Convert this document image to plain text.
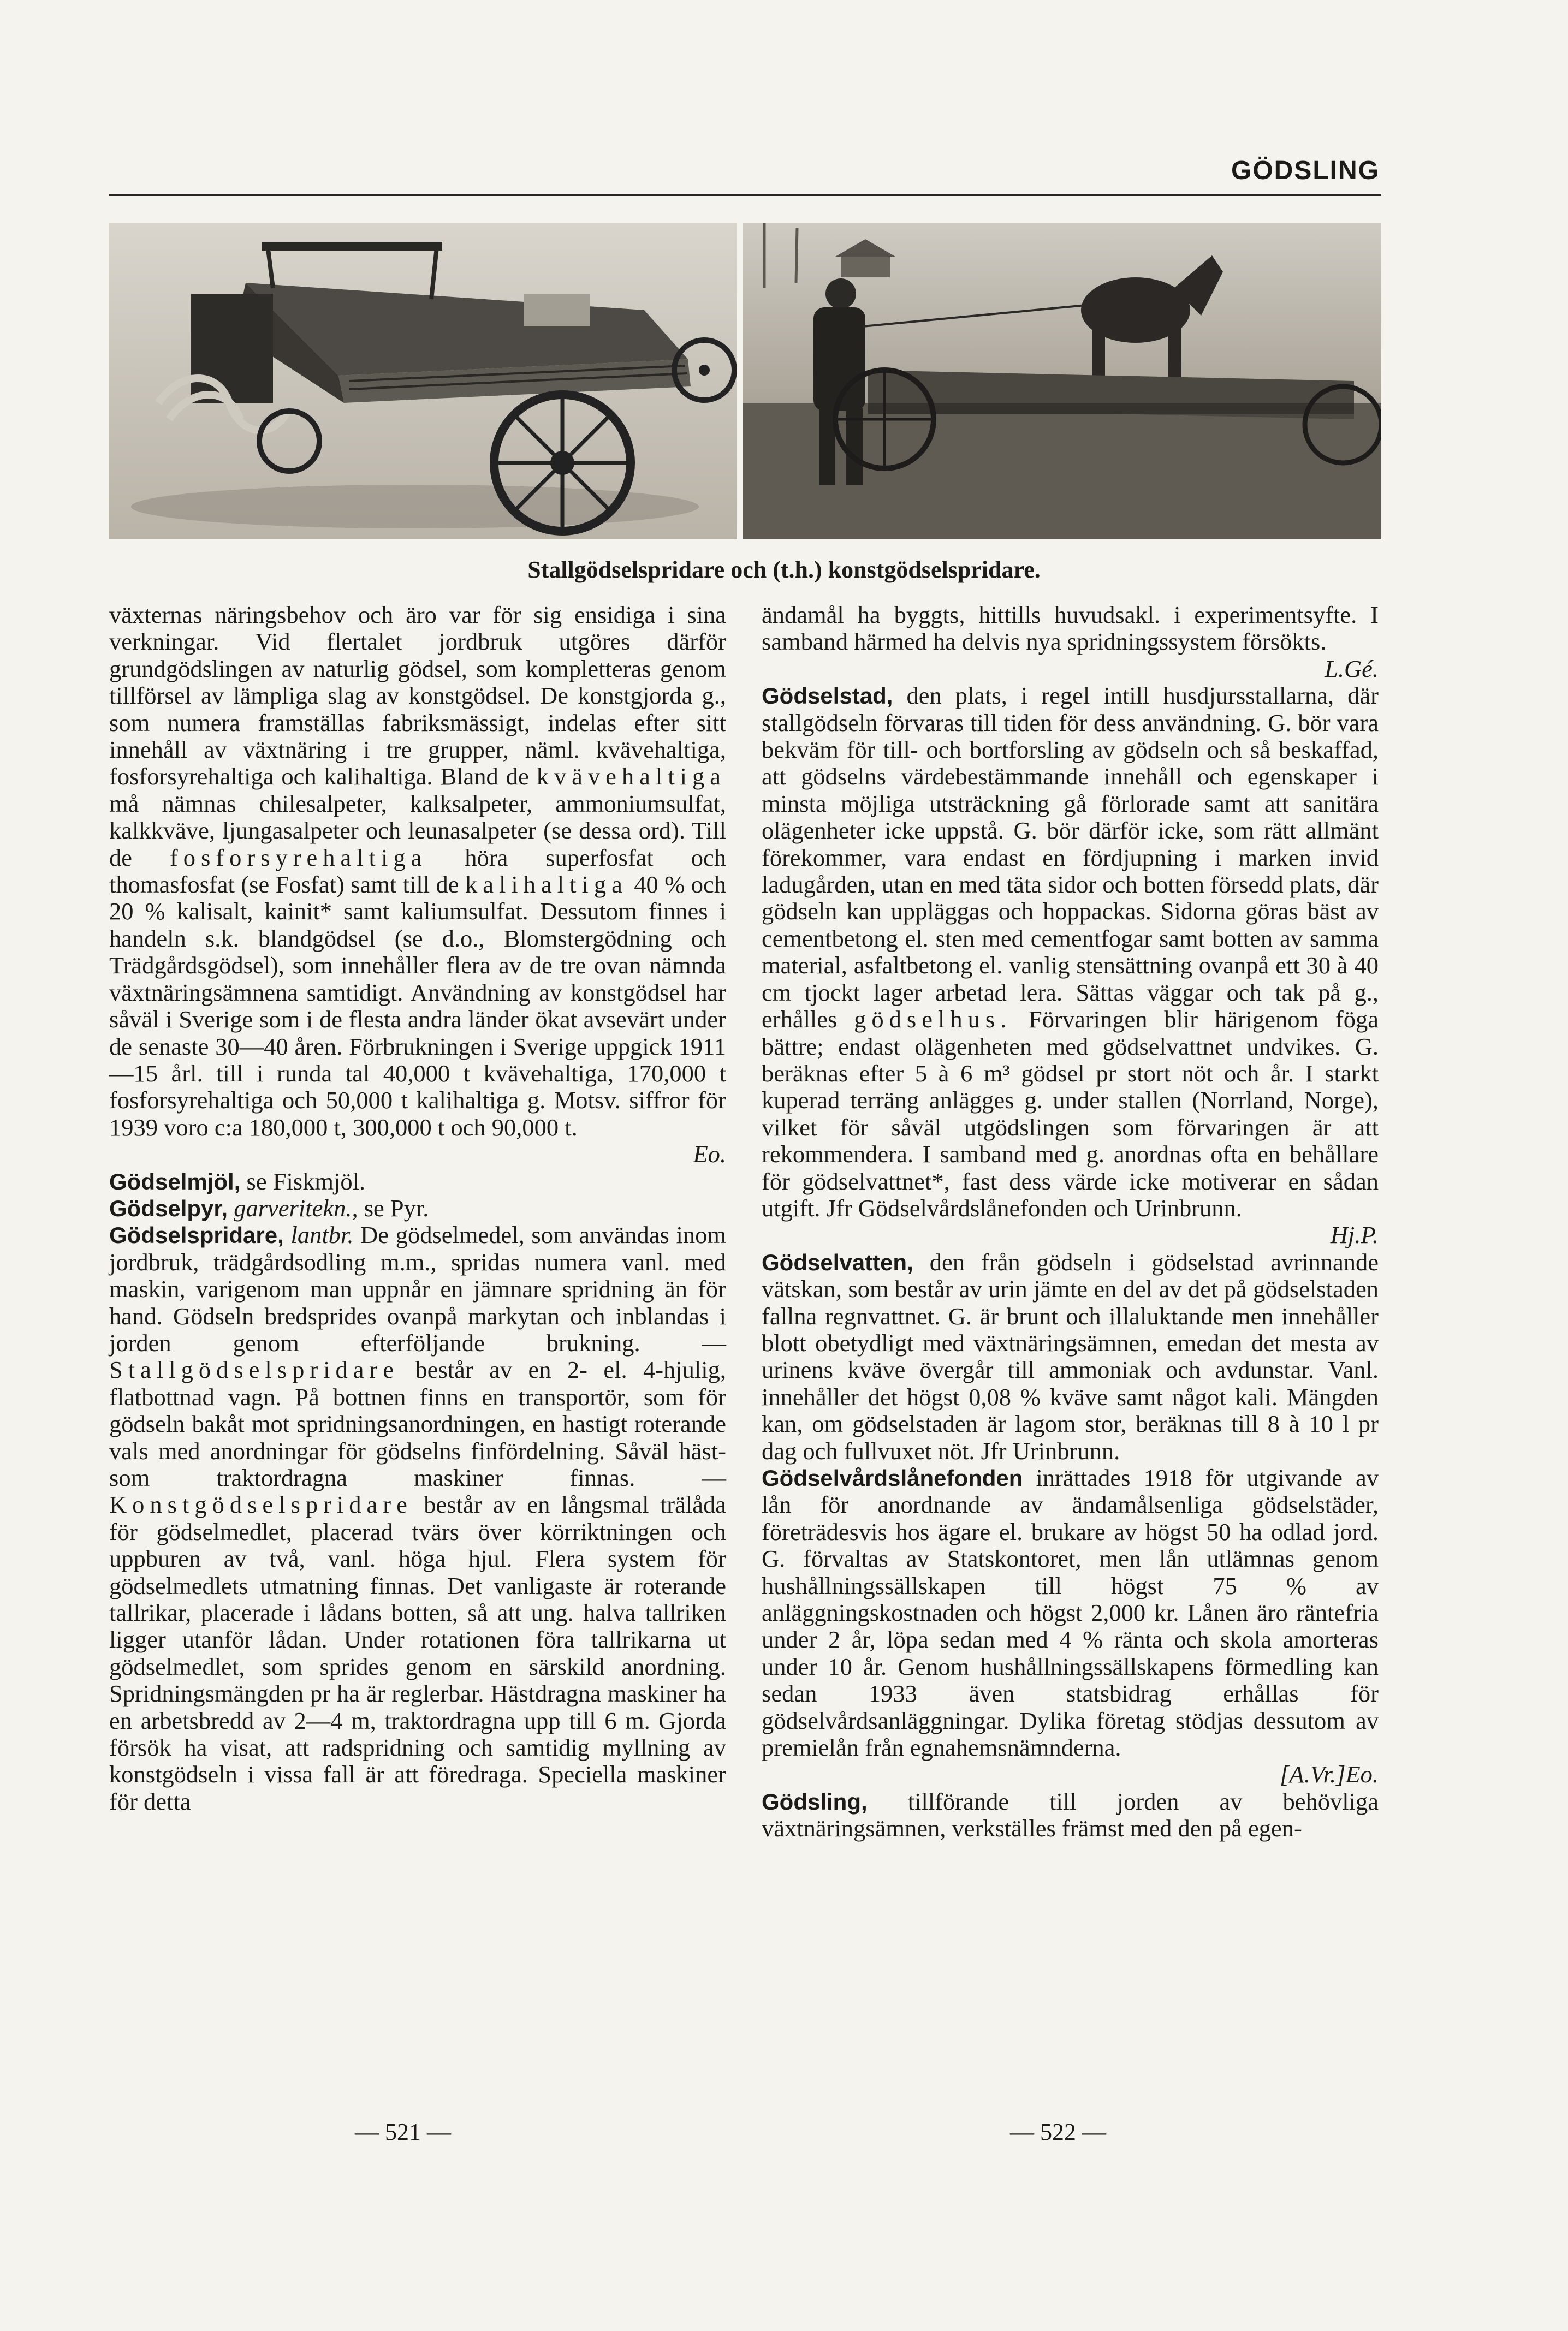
GÖDSLING
Stallgödselspridare och (t.h.) konstgödselspridare.

växternas näringsbehov och äro var för sig ensidiga i sina verkningar. Vid flertalet jordbruk utgöres därför grundgödslingen av naturlig gödsel, som kompletteras genom tillförsel av lämpliga slag av konstgödsel. De konstgjorda g., som numera framställas fabriksmässigt, indelas efter sitt innehåll av växtnäring i tre grupper, näml. kvävehaltiga, fosforsyrehaltiga och kalihaltiga. Bland de kvävehaltiga må nämnas chilesalpeter, kalksalpeter, ammoniumsulfat, kalkkväve, ljungasalpeter och leunasalpeter (se dessa ord). Till de fosforsyrehaltiga höra superfosfat och thomasfosfat (se Fosfat) samt till de kalihaltiga 40 % och 20 % kalisalt, kainit* samt kaliumsulfat. Dessutom finnes i handeln s.k. blandgödsel (se d.o., Blomstergödning och Trädgårdsgödsel), som innehåller flera av de tre ovan nämnda växtnäringsämnena samtidigt. Användning av konstgödsel har såväl i Sverige som i de flesta andra länder ökat avsevärt under de senaste 30—40 åren. Förbrukningen i Sverige uppgick 1911—15 årl. till i runda tal 40,000 t kvävehaltiga, 170,000 t fosforsyrehaltiga och 50,000 t kalihaltiga g. Motsv. siffror för 1939 voro c:a 180,000 t, 300,000 t och 90,000 t.
Eo.

Gödselmjöl, se Fiskmjöl.

Gödselpyr, garveritekn., se Pyr.

Gödselspridare, lantbr. De gödselmedel, som användas inom jordbruk, trädgårdsodling m.m., spridas numera vanl. med maskin, varigenom man uppnår en jämnare spridning än för hand. Gödseln bredsprides ovanpå markytan och inblandas i jorden genom efterföljande brukning. — Stallgödselspridare består av en 2- el. 4-hjulig, flatbottnad vagn. På bottnen finns en transportör, som för gödseln bakåt mot spridningsanordningen, en hastigt roterande vals med anordningar för gödselns finfördelning. Såväl häst- som traktordragna maskiner finnas. — Konstgödselspridare består av en långsmal trälåda för gödselmedlet, placerad tvärs över körriktningen och uppburen av två, vanl. höga hjul. Flera system för gödselmedlets utmatning finnas. Det vanligaste är roterande tallrikar, placerade i lådans botten, så att ung. halva tallriken ligger utanför lådan. Under rotationen föra tallrikarna ut gödselmedlet, som sprides genom en särskild anordning. Spridningsmängden pr ha är reglerbar. Hästdragna maskiner ha en arbetsbredd av 2—4 m, traktordragna upp till 6 m. Gjorda försök ha visat, att radspridning och samtidig myllning av konstgödseln i vissa fall är att föredraga. Speciella maskiner för detta

ändamål ha byggts, hittills huvudsakl. i experimentsyfte. I samband härmed ha delvis nya spridningssystem försökts.
L.Gé.

Gödselstad, den plats, i regel intill husdjursstallarna, där stallgödseln förvaras till tiden för dess användning. G. bör vara bekväm för till- och bortforsling av gödseln och så beskaffad, att gödselns värdebestämmande innehåll och egenskaper i minsta möjliga utsträckning gå förlorade samt att sanitära olägenheter icke uppstå. G. bör därför icke, som rätt allmänt förekommer, vara endast en fördjupning i marken invid ladugården, utan en med täta sidor och botten försedd plats, där gödseln kan uppläggas och hoppackas. Sidorna göras bäst av cementbetong el. sten med cementfogar samt botten av samma material, asfaltbetong el. vanlig stensättning ovanpå ett 30 à 40 cm tjockt lager arbetad lera. Sättas väggar och tak på g., erhålles gödselhus. Förvaringen blir härigenom föga bättre; endast olägenheten med gödselvattnet undvikes. G. beräknas efter 5 à 6 m³ gödsel pr stort nöt och år. I starkt kuperad terräng anlägges g. under stallen (Norrland, Norge), vilket för såväl utgödslingen som förvaringen är att rekommendera. I samband med g. anordnas ofta en behållare för gödselvattnet*, fast dess värde icke motiverar en sådan utgift. Jfr Gödselvårdslånefonden och Urinbrunn.
Hj.P.

Gödselvatten, den från gödseln i gödselstad avrinnande vätskan, som består av urin jämte en del av det på gödselstaden fallna regnvattnet. G. är brunt och illaluktande men innehåller blott obetydligt med växtnäringsämnen, emedan det mesta av urinens kväve övergår till ammoniak och avdunstar. Vanl. innehåller det högst 0,08 % kväve samt något kali. Mängden kan, om gödselstaden är lagom stor, beräknas till 8 à 10 l pr dag och fullvuxet nöt. Jfr Urinbrunn.

Gödselvårdslånefonden inrättades 1918 för utgivande av lån för anordnande av ändamålsenliga gödselstäder, företrädesvis hos ägare el. brukare av högst 50 ha odlad jord. G. förvaltas av Statskontoret, men lån utlämnas genom hushållningssällskapen till högst 75 % av anläggningskostnaden och högst 2,000 kr. Lånen äro räntefria under 2 år, löpa sedan med 4 % ränta och skola amorteras under 10 år. Genom hushållningssällskapens förmedling kan sedan 1933 även statsbidrag erhållas för gödselvårdsanläggningar. Dylika företag stödjas dessutom av premielån från egnahemsnämnderna.
[A.Vr.]Eo.

Gödsling, tillförande till jorden av behövliga växtnäringsämnen, verkställes främst med den på egen-

— 521 —	— 522 —
